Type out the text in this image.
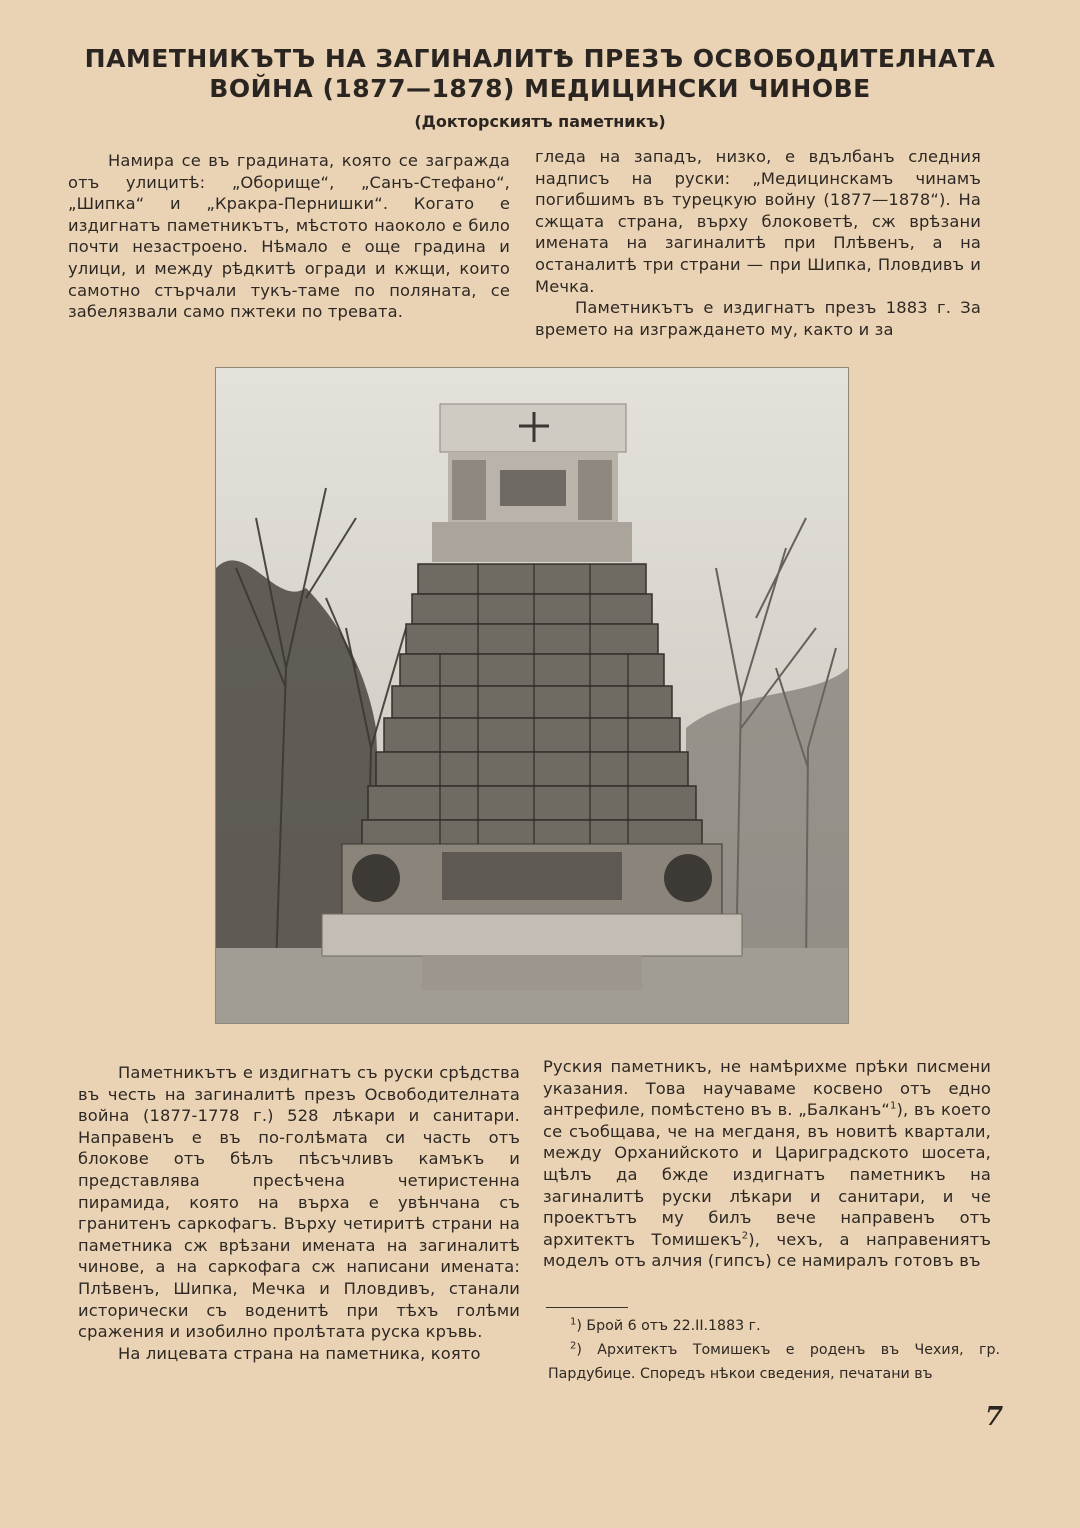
ПАМЕТНИКЪТЪ НА ЗАГИНАЛИТѢ ПРЕЗЪ ОСВОБОДИТЕЛНАТА
ВОЙНА (1877—1878) МЕДИЦИНСКИ ЧИНОВЕ
(Докторскиятъ паметникъ)

Намира се въ градината, която се загражда отъ улицитѣ: „Оборище“, „Санъ-Стефано“, „Шипка“ и „Кракра-Пернишки“. Когато е издигнатъ паметникътъ, мѣстото наоколо е било почти незастроено. Нѣмало е още градина и улици, и между рѣдкитѣ огради и кжщи, които самотно стърчали тукъ-таме по поляната, се забелязвали само пжтеки по тревата.

гледа на западъ, низко, е вдълбанъ следния надписъ на руски: „Медицинскамъ чинамъ погибшимъ въ турецкую войну (1877—1878“). На сжщата страна, върху блоковетѣ, сж врѣзани имената на загиналитѣ при Плѣвенъ, а на останалитѣ три страни — при Шипка, Пловдивъ и Мечка.

Паметникътъ е издигнатъ презъ 1883 г. За времето на изграждането му, както и за

Паметникътъ е издигнатъ съ руски срѣдства въ честь на загиналитѣ презъ Освободителната война (1877-1778 г.) 528 лѣкари и санитари. Направенъ е въ по-голѣмата си часть отъ блокове отъ бѣлъ пѣсъчливъ камъкъ и представлява пресѣчена четиристенна пирамида, която на върха е увѣнчана съ гранитенъ саркофагъ. Върху четиритѣ страни на паметника сж врѣзани имената на загиналитѣ чинове, а на саркофага сж написани имената: Плѣвенъ, Шипка, Мечка и Пловдивъ, станали исторически съ воденитѣ при тѣхъ голѣми сражения и изобилно пролѣтата руска кръвь.

На лицевата страна на паметника, която

Руския паметникъ, не намѣрихме прѣки писмени указания. Това научаваме косвено отъ едно антрефиле, помѣстено въ в. „Балканъ“$^1$), въ което се съобщава, че на мегданя, въ новитѣ квартали, между Орханийското и Цариградското шосета, щѣлъ да бжде издигнатъ паметникъ на загиналитѣ руски лѣкари и санитари, и че проектътъ му билъ вече направенъ отъ архитектъ Томишекъ$^2$), чехъ, а направениятъ моделъ отъ алчия (гипсъ) се намиралъ готовъ въ

$^1$) Брой 6 отъ 22.II.1883 г.
$^2$) Архитектъ Томишекъ е роденъ въ Чехия, гр. Пардубице. Споредъ нѣкои сведения, печатани въ
7
